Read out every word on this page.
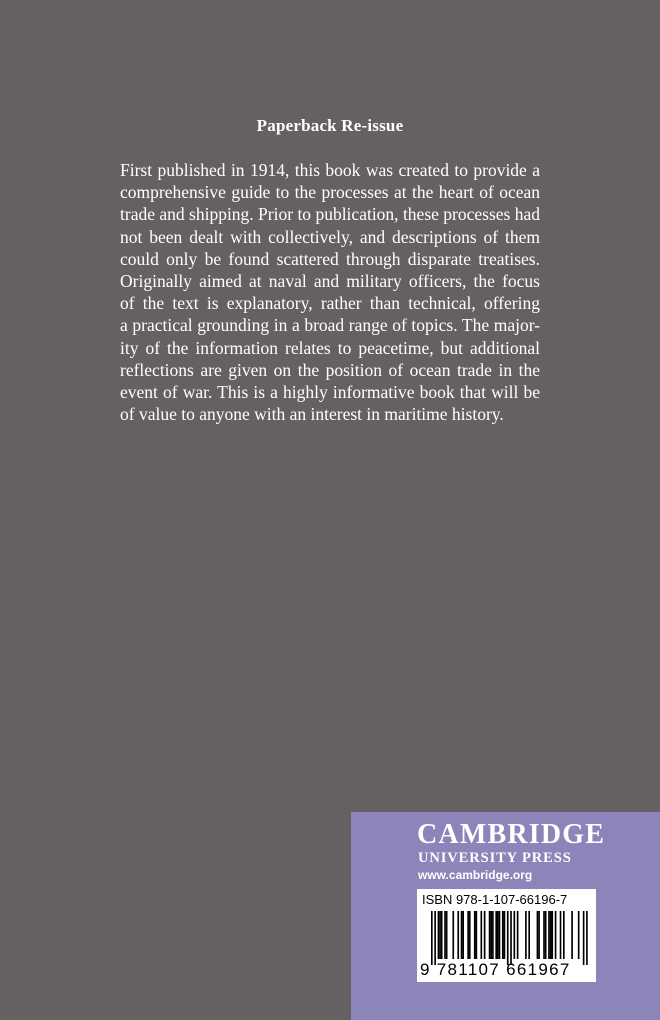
Paperback Re-issue
First published in 1914, this book was created to provide a
comprehensive guide to the processes at the heart of ocean
trade and shipping. Prior to publication, these processes had
not been dealt with collectively, and descriptions of them
could only be found scattered through disparate treatises.
Originally aimed at naval and military officers, the focus
of the text is explanatory, rather than technical, offering
a practical grounding in a broad range of topics. The major-
ity of the information relates to peacetime, but additional
reflections are given on the position of ocean trade in the
event of war. This is a highly informative book that will be
of value to anyone with an interest in maritime history.
CAMBRIDGE
UNIVERSITY PRESS
www.cambridge.org
ISBN 978-1-107-66196-7
9 781107 661967
